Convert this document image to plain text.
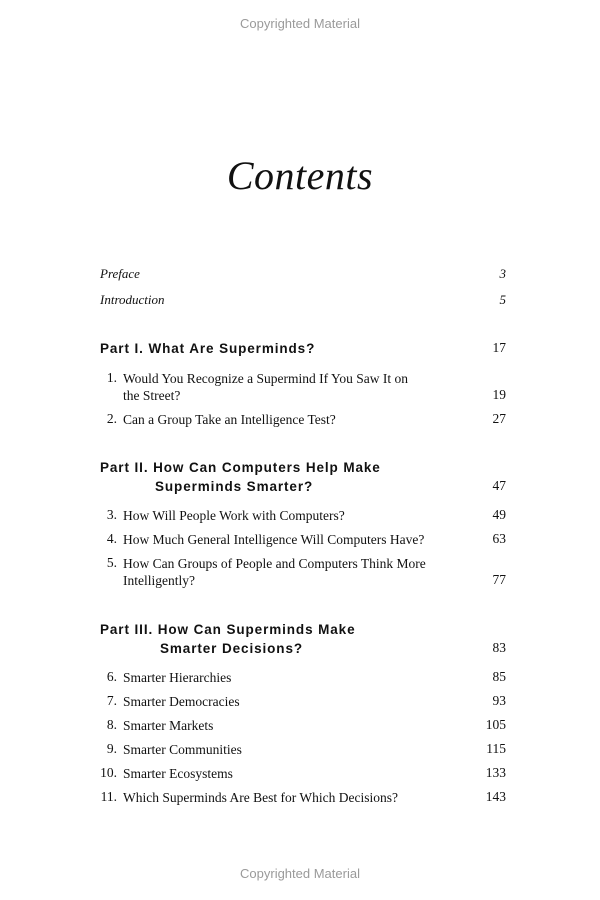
Copyrighted Material
Contents
Preface	3
Introduction	5
Part I. What Are Superminds?	17
1. Would You Recognize a Supermind If You Saw It on
the Street?	19
2. Can a Group Take an Intelligence Test?	27
Part II. How Can Computers Help Make
Superminds Smarter?	47
3. How Will People Work with Computers?	49
4. How Much General Intelligence Will Computers Have?	63
5. How Can Groups of People and Computers Think More
Intelligently?	77
Part III. How Can Superminds Make
Smarter Decisions?	83
6. Smarter Hierarchies	85
7. Smarter Democracies	93
8. Smarter Markets	105
9. Smarter Communities	115
10. Smarter Ecosystems	133
11. Which Superminds Are Best for Which Decisions?	143
Copyrighted Material
